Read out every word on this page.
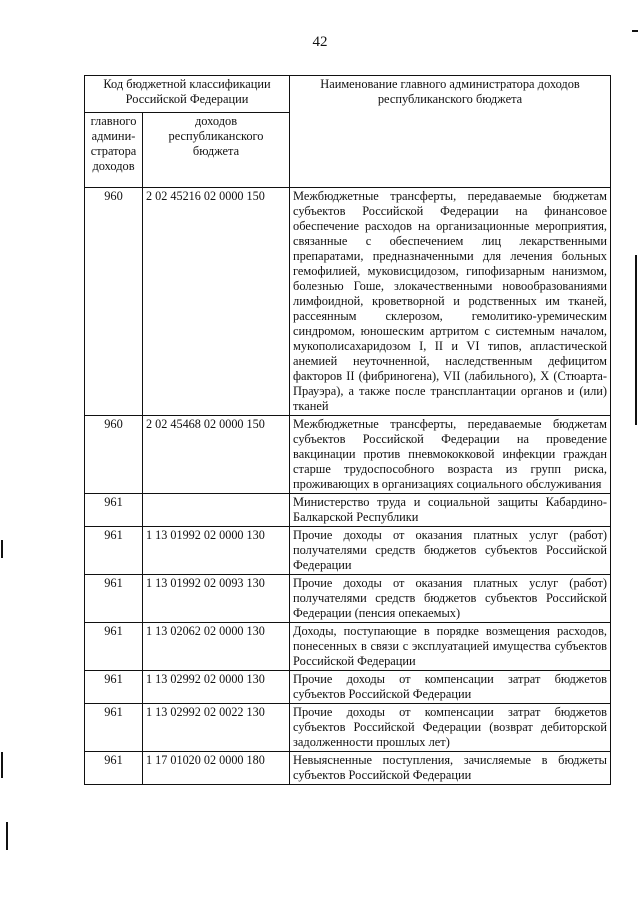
42
Код бюджетной классификации Российской Федерации		Наименование главного администратора доходов республиканского бюджета
главного админи-стратора доходов	доходов республиканского бюджета	
960	2 02 45216 02 0000 150	Межбюджетные трансферты, передаваемые бюджетам субъектов Российской Федерации на финансовое обеспечение расходов на организационные мероприятия, связанные с обеспечением лиц лекарственными препаратами, предназначенными для лечения больных гемофилией, муковисцидозом, гипофизарным нанизмом, болезнью Гоше, злокачественными новообразованиями лимфоидной, кроветворной и родственных им тканей, рассеянным склерозом, гемолитико-уремическим синдромом, юношеским артритом с системным началом, мукополисахаридозом I, II и VI типов, апластической анемией неуточненной, наследственным дефицитом факторов II (фибриногена), VII (лабильного), X (Стюарта-Прауэра), а также после трансплантации органов и (или) тканей
960	2 02 45468 02 0000 150	Межбюджетные трансферты, передаваемые бюджетам субъектов Российской Федерации на проведение вакцинации против пневмококковой инфекции граждан старше трудоспособного возраста из групп риска, проживающих в организациях социального обслуживания
961		Министерство труда и социальной защиты Кабардино-Балкарской Республики
961	1 13 01992 02 0000 130	Прочие доходы от оказания платных услуг (работ) получателями средств бюджетов субъектов Российской Федерации
961	1 13 01992 02 0093 130	Прочие доходы от оказания платных услуг (работ) получателями средств бюджетов субъектов Российской Федерации (пенсия опекаемых)
961	1 13 02062 02 0000 130	Доходы, поступающие в порядке возмещения расходов, понесенных в связи с эксплуатацией имущества субъектов Российской Федерации
961	1 13 02992 02 0000 130	Прочие доходы от компенсации затрат бюджетов субъектов Российской Федерации
961	1 13 02992 02 0022 130	Прочие доходы от компенсации затрат бюджетов субъектов Российской Федерации (возврат дебиторской задолженности прошлых лет)
961	1 17 01020 02 0000 180	Невыясненные поступления, зачисляемые в бюджеты субъектов Российской Федерации
